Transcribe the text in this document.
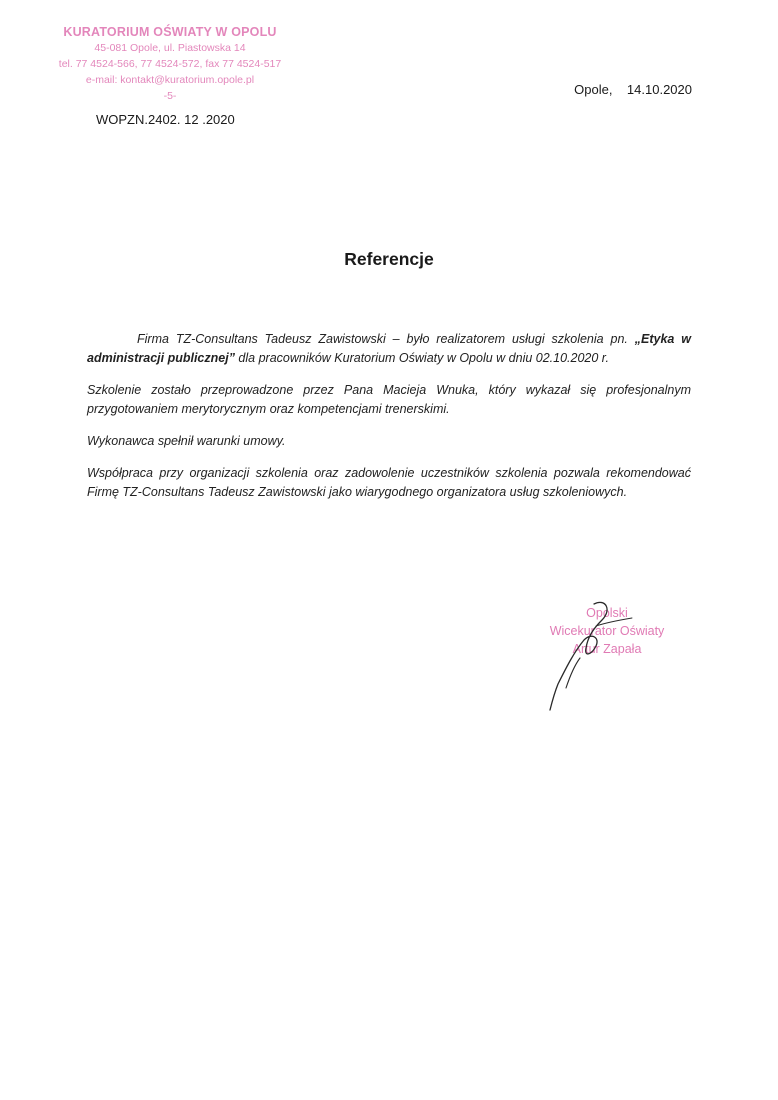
KURATORIUM OŚWIATY W OPOLU
45-081 Opole, ul. Piastowska 14
tel. 77 4524-566, 77 4524-572, fax 77 4524-517
e-mail: kontakt@kuratorium.opole.pl
-5-	Opole, 14.10.2020
WOPZN.2402. 12 .2020
Referencje

Firma TZ-Consultans Tadeusz Zawistowski – było realizatorem usługi szkolenia pn. „Etyka w administracji publicznej” dla pracowników Kuratorium Oświaty w Opolu w dniu 02.10.2020 r.

Szkolenie zostało przeprowadzone przez Pana Macieja Wnuka, który wykazał się profesjonalnym przygotowaniem merytorycznym oraz kompetencjami trenerskimi.

Wykonawca spełnił warunki umowy.

Współpraca przy organizacji szkolenia oraz zadowolenie uczestników szkolenia pozwala rekomendować Firmę TZ-Consultans Tadeusz Zawistowski jako wiarygodnego organizatora usług szkoleniowych.

Opolski
Wicekurator Oświaty
Artur Zapała
